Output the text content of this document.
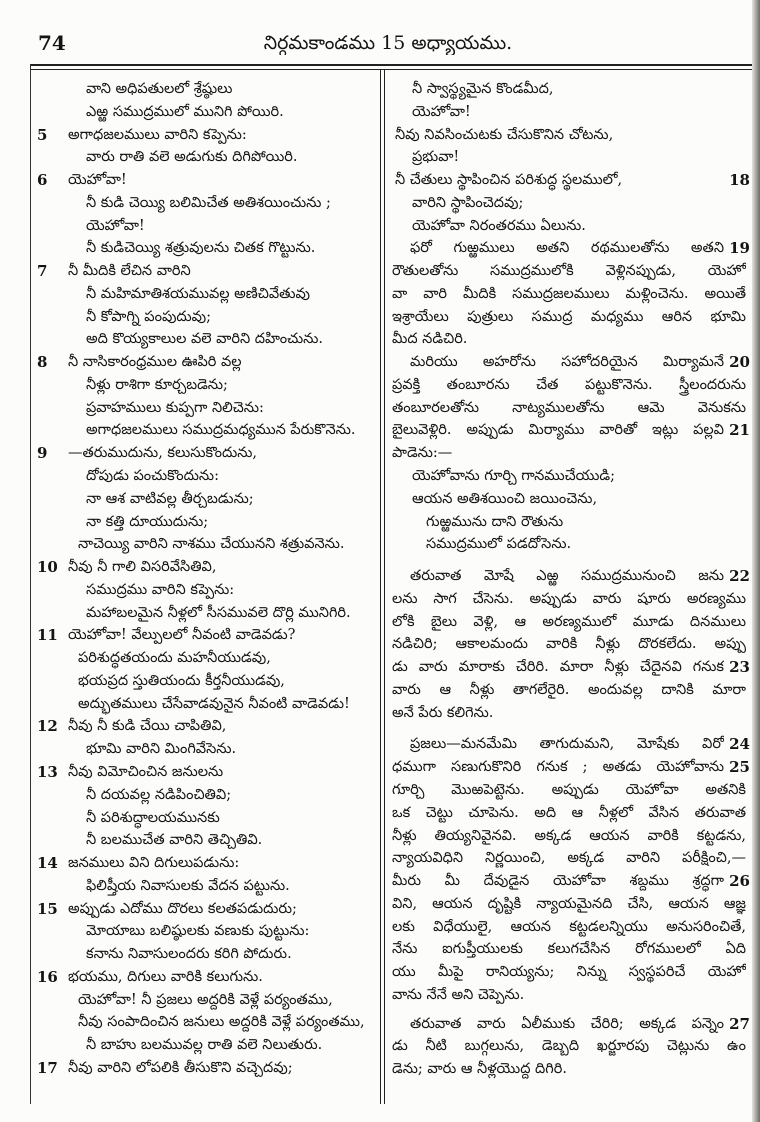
74	నిర్గమకాండము 15 అధ్యాయము.
వాని అధిపతులలో శ్రేష్ఠులు
ఎఱ్ఱ సముద్రములో మునిగి పోయిరి.
5 అగాధజలములు వారిని కప్పెను:
వారు రాతి వలె అడుగుకు దిగిపోయిరి.
6 యెహోవా!
నీ కుడి చెయ్యి బలిమిచేత అతిశయించును ;
యెహోవా!
నీ కుడిచెయ్యి శత్రువులను చితక గొట్టును.
7 నీ మీదికి లేచిన వారిని
నీ మహిమాతిశయమువల్ల అణిచివేతువు
నీ కోపాగ్ని పంపుదువు;
అది కొయ్యకాలుల వలె వారిని దహించును.
8 నీ నాసికారంధ్రముల ఊపిరి వల్ల
నీళ్లు రాశిగా కూర్చబడెను;
ప్రవాహములు కుప్పగా నిలిచెను:
అగాధజలములు సముద్రమధ్యమున పేరుకొనెను.
9 —తరుముదును, కలుసుకొందును,
దోపుడు పంచుకొందును:
నా ఆశ వాటివల్ల తీర్చబడును;
నా కత్తి దూయుదును;
నాచెయ్యి వారిని నాశము చేయునని శత్రువనెను.
10 నీవు నీ గాలి విసరివేసితివి,
సముద్రము వారిని కప్పెను:
మహాబలమైన నీళ్లలో సీసమువలె దొర్లి మునిగిరి.
11 యెహోవా! వేల్పులలో నీవంటి వాడెవడు?
పరిశుద్ధతయందు మహనీయుడవు,
భయప్రద స్తుతియందు కీర్తనీయుడవు,
అద్భుతములు చేసేవాడవునైన నీవంటి వాడెవడు!
12 నీవు నీ కుడి చేయి చాపితివి,
భూమి వారిని మింగివేసెను.
13 నీవు విమోచించిన జనులను
నీ దయవల్ల నడిపించితివి;
నీ పరిశుద్ధాలయమునకు
నీ బలముచేత వారిని తెచ్చితివి.
14 జనములు విని దిగులుపడును:
ఫిలిష్తీయ నివాసులకు వేదన పట్టును.
15 అప్పుడు ఎదోము దొరలు కలతపడుదురు;
మోయాబు బలిష్ఠులకు వణుకు పుట్టును:
కనాను నివాసులందరు కరిగి పోదురు.
16 భయము, దిగులు వారికి కలుగును.
యెహోవా! నీ ప్రజలు అద్దరికి వెళ్లే పర్యంతము,
నీవు సంపాదించిన జనులు అద్దరికి వెళ్లే పర్యంతము,
నీ బాహు బలమువల్ల రాతి వలె నిలుతురు.
17 నీవు వారిని లోపలికి తీసుకొని వచ్చెదవు;
నీ స్వాస్థ్యమైన కొండమీద,
యెహోవా!
నీవు నివసించుటకు చేసుకొనిన చోటను,
ప్రభువా!
నీ చేతులు స్థాపించిన పరిశుద్ధ స్థలములో,	18
వారిని స్థాపించెదవు;
యెహోవా నిరంతరము ఏలును.
ఫరో గుఱ్ఱములు అతని రథములతోను అతని 19
రౌతులతోను సముద్రములోకి వెళ్లినప్పుడు, యెహో
వా వారి మీదికి సముద్రజలములు మళ్లించెను. అయితే
ఇశ్రాయేలు పుత్రులు సముద్ర మధ్యము ఆరిన భూమి
మీద నడిచిరి.
మరియు అహరోను సహోదరియైన మిర్యామనే 20
ప్రవక్తి తంబూరను చేత పట్టుకొనెను. స్త్రీలందరును
తంబూరలతోను నాట్యములతోను ఆమె వెనుకను
బైలువెళ్లిరి. అప్పుడు మిర్యాము వారితో ఇట్లు పల్లవి 21
పాడెను:—
యెహోవాను గూర్చి గానముచేయుడి;
ఆయన అతిశయించి జయించెను,
గుఱ్ఱమును దాని రౌతును
సముద్రములో పడదోసెను.
తరువాత మోషే ఎఱ్ఱ సముద్రమునుంచి జను 22
లను సాగ చేసెను. అప్పుడు వారు షూరు అరణ్యము
లోకి బైలు వెళ్లి, ఆ అరణ్యములో మూడు దినములు
నడిచిరి; ఆకాలమందు వారికి నీళ్లు దొరకలేదు. అప్పు
డు వారు మారాకు చేరిరి. మారా నీళ్లు చేదైనవి గనుక 23
వారు ఆ నీళ్లు తాగలేరైరి. అందువల్ల దానికి మారా
అనే పేరు కలిగెను.
ప్రజలు—మనమేమి తాగుదుమని, మోషేకు విరో 24
ధముగా సణుగుకొనిరి గనుక ; అతడు యెహోవాను 25
గూర్చి మొఱపెట్టెను. అప్పుడు యెహోవా అతనికి
ఒక చెట్టు చూపెను. అది ఆ నీళ్లలో వేసిన తరువాత
నీళ్లు తియ్యనివైనవి. అక్కడ ఆయన వారికి కట్టడను,
న్యాయవిధిని నిర్ణయించి, అక్కడ వారిని పరీక్షించి,—
మీరు మీ దేవుడైన యెహోవా శబ్దము శ్రద్ధగా 26
విని, ఆయన దృష్టికి న్యాయమైనది చేసి, ఆయన ఆజ్ఞ
లకు విధేయులై, ఆయన కట్టడలన్నియు అనుసరించితే,
నేను ఐగుప్తీయులకు కలుగచేసిన రోగములలో ఏది
యు మీపై రానియ్యను; నిన్ను స్వస్థపరిచే యెహో
వాను నేనే అని చెప్పెను.
తరువాత వారు ఏలీముకు చేరిరి; అక్కడ పన్నెం 27
డు నీటి బుగ్గలును, డెబ్బది ఖర్జూరపు చెట్లును ఉం
డెను; వారు ఆ నీళ్లయొద్ద దిగిరి.
